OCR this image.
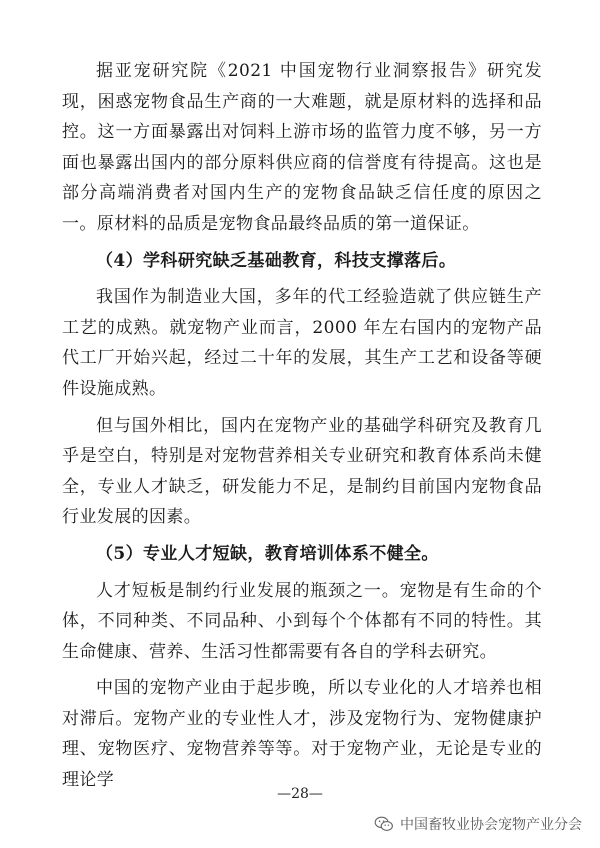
据亚宠研究院《2021 中国宠物行业洞察报告》研究发现，困惑宠物食品生产商的一大难题，就是原材料的选择和品控。这一方面暴露出对饲料上游市场的监管力度不够，另一方面也暴露出国内的部分原料供应商的信誉度有待提高。这也是部分高端消费者对国内生产的宠物食品缺乏信任度的原因之一。原材料的品质是宠物食品最终品质的第一道保证。

（4）学科研究缺乏基础教育，科技支撑落后。

我国作为制造业大国，多年的代工经验造就了供应链生产工艺的成熟。就宠物产业而言，2000 年左右国内的宠物产品代工厂开始兴起，经过二十年的发展，其生产工艺和设备等硬件设施成熟。

但与国外相比，国内在宠物产业的基础学科研究及教育几乎是空白，特别是对宠物营养相关专业研究和教育体系尚未健全，专业人才缺乏，研发能力不足，是制约目前国内宠物食品行业发展的因素。

（5）专业人才短缺，教育培训体系不健全。

人才短板是制约行业发展的瓶颈之一。宠物是有生命的个体，不同种类、不同品种、小到每个个体都有不同的特性。其生命健康、营养、生活习性都需要有各自的学科去研究。

中国的宠物产业由于起步晚，所以专业化的人才培养也相对滞后。宠物产业的专业性人才，涉及宠物行为、宠物健康护理、宠物医疗、宠物营养等等。对于宠物产业，无论是专业的理论学

—28—
中国畜牧业协会宠物产业分会
